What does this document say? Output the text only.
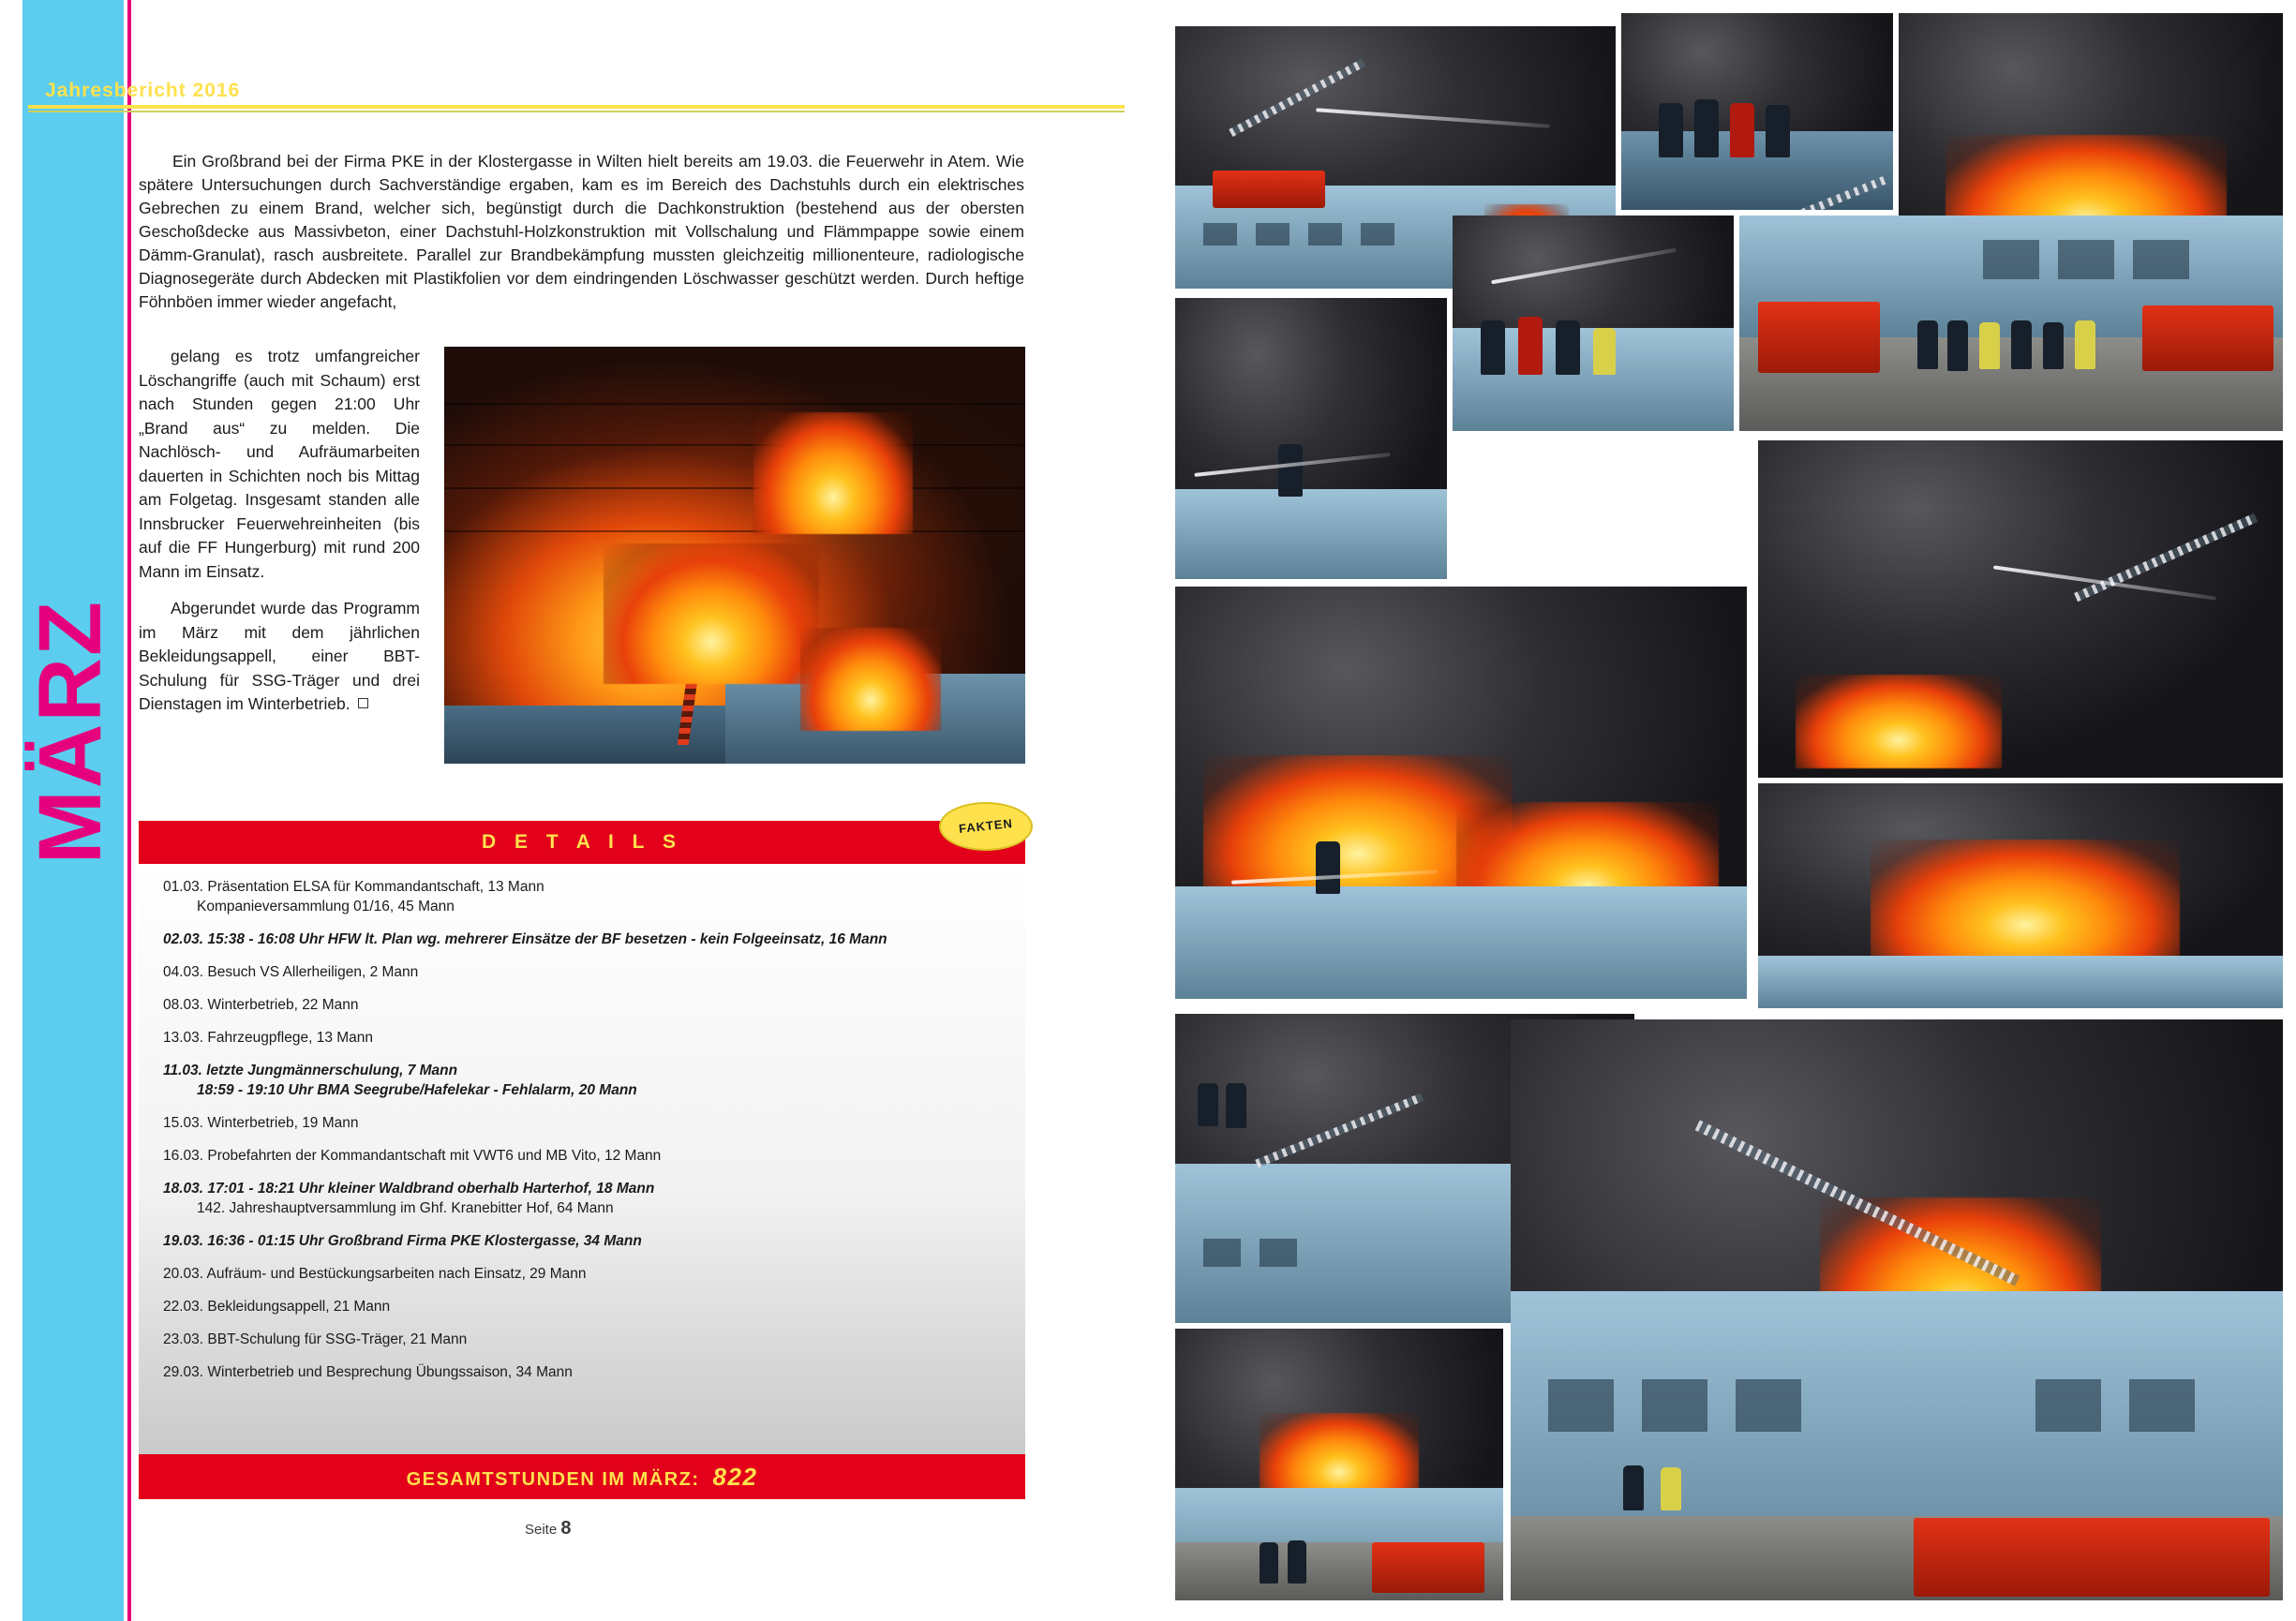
MÄRZ
Jahresbericht 2016

Ein Großbrand bei der Firma PKE in der Klostergasse in Wilten hielt bereits am 19.03. die Feuerwehr in Atem. Wie spätere Untersuchungen durch Sachverständige ergaben, kam es im Bereich des Dachstuhls durch ein elektrisches Gebrechen zu einem Brand, welcher sich, begünstigt durch die Dachkonstruktion (bestehend aus der obersten Geschoßdecke aus Massivbeton, einer Dachstuhl-Holzkonstruktion mit Vollschalung und Flämmpappe sowie einem Dämm-Granulat), rasch ausbreitete. Parallel zur Brandbekämpfung mussten gleichzeitig millionenteure, radiologische Diagnosegeräte durch Abdecken mit Plastikfolien vor dem eindringenden Löschwasser geschützt werden. Durch heftige Föhnböen immer wieder angefacht,

gelang es trotz umfangreicher Löschangriffe (auch mit Schaum) erst nach Stunden gegen 21:00 Uhr „Brand aus“ zu melden. Die Nachlösch- und Aufräumarbeiten dauerten in Schichten noch bis Mittag am Folgetag. Insgesamt standen alle Innsbrucker Feuerwehreinheiten (bis auf die FF Hungerburg) mit rund 200 Mann im Einsatz.

Abgerundet wurde das Programm im März mit dem jährlichen Bekleidungsappell, einer BBT-Schulung für SSG-Träger und drei Dienstagen im Winterbetrieb.

D E T A I L S
FAKTEN
01.03. Präsentation ELSA für Kommandantschaft, 13 Mann
Kompanieversammlung 01/16, 45 Mann
02.03. 15:38 - 16:08 Uhr HFW lt. Plan wg. mehrerer Einsätze der BF besetzen - kein Folgeeinsatz, 16 Mann
04.03. Besuch VS Allerheiligen, 2 Mann
08.03. Winterbetrieb, 22 Mann
13.03. Fahrzeugpflege, 13 Mann
11.03. letzte Jungmännerschulung, 7 Mann
18:59 - 19:10 Uhr BMA Seegrube/Hafelekar - Fehlalarm, 20 Mann
15.03. Winterbetrieb, 19 Mann
16.03. Probefahrten der Kommandantschaft mit VWT6 und MB Vito, 12 Mann
18.03. 17:01 - 18:21 Uhr kleiner Waldbrand oberhalb Harterhof, 18 Mann
142. Jahreshauptversammlung im Ghf. Kranebitter Hof, 64 Mann
19.03. 16:36 - 01:15 Uhr Großbrand Firma PKE Klostergasse, 34 Mann
20.03. Aufräum- und Bestückungsarbeiten nach Einsatz, 29 Mann
22.03. Bekleidungsappell, 21 Mann
23.03. BBT-Schulung für SSG-Träger, 21 Mann
29.03. Winterbetrieb und Besprechung Übungssaison, 34 Mann
GESAMTSTUNDEN IM MÄRZ: 822
Seite 8
